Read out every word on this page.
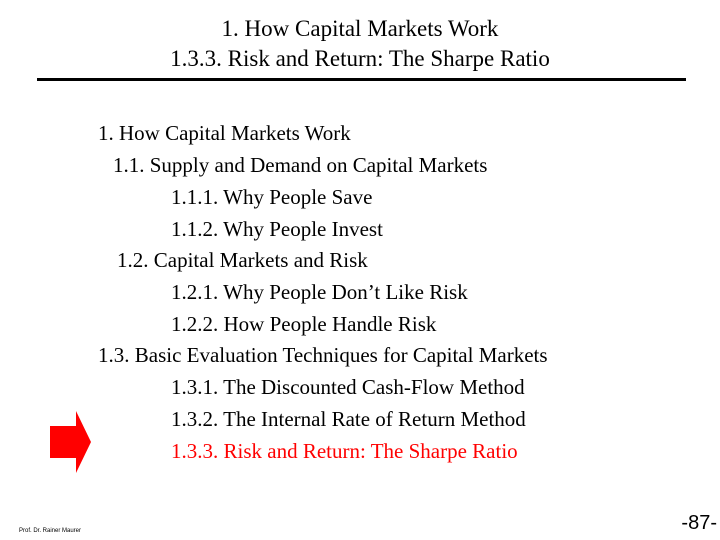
1. How Capital Markets Work
1.3.3. Risk and Return: The Sharpe Ratio
1. How Capital Markets Work
1.1. Supply and Demand on Capital Markets
1.1.1. Why People Save
1.1.2. Why People Invest
1.2. Capital Markets and Risk
1.2.1. Why People Don’t Like Risk
1.2.2. How People Handle Risk
1.3. Basic Evaluation Techniques for Capital Markets
1.3.1. The Discounted Cash-Flow Method
1.3.2. The Internal Rate of Return Method
1.3.3. Risk and Return: The Sharpe Ratio
Prof. Dr. Rainer Maurer	-87-
